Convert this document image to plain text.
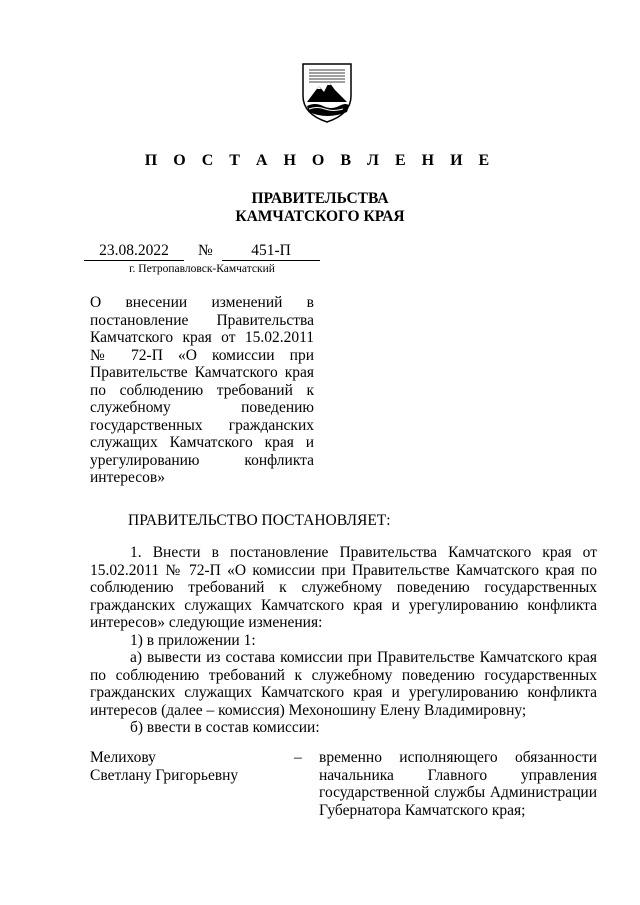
П О С Т А Н О В Л Е Н И Е
ПРАВИТЕЛЬСТВА
КАМЧАТСКОГО КРАЯ
23.08.2022	№	451-П
г. Петропавловск-Камчатский
О внесении изменений в постановление Правительства Камчатского края от 15.02.2011 № 72-П «О комиссии при Правительстве Камчатского края по соблюдению требований к служебному поведению государственных гражданских служащих Камчатского края и урегулированию конфликта интересов»
ПРАВИТЕЛЬСТВО ПОСТАНОВЛЯЕТ:

1. Внести в постановление Правительства Камчатского края от 15.02.2011 № 72-П «О комиссии при Правительстве Камчатского края по соблюдению требований к служебному поведению государственных гражданских служащих Камчатского края и урегулированию конфликта интересов» следующие изменения:

1) в приложении 1:

а) вывести из состава комиссии при Правительстве Камчатского края по соблюдению требований к служебному поведению государственных гражданских служащих Камчатского края и урегулированию конфликта интересов (далее – комиссия) Мехоношину Елену Владимировну;

б) ввести в состав комиссии:

Мелихову
Светлану Григорьевну
– временно исполняющего обязанности начальника Главного управления государственной службы Администрации Губернатора Камчатского края;
